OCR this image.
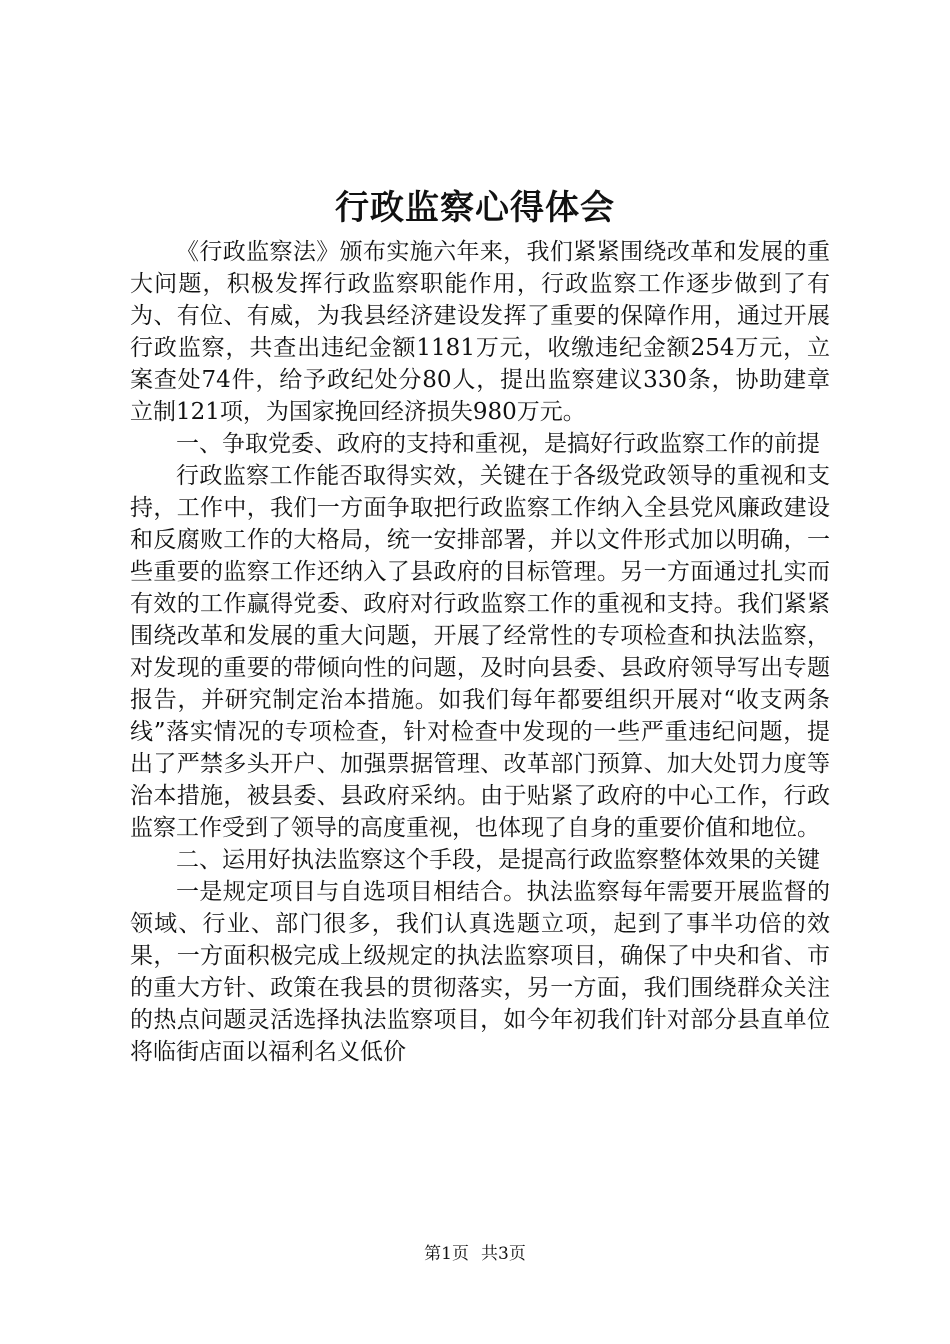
行政监察心得体会

《行政监察法》颁布实施六年来，我们紧紧围绕改革和发展的重大问题，积极发挥行政监察职能作用，行政监察工作逐步做到了有为、有位、有威，为我县经济建设发挥了重要的保障作用，通过开展行政监察，共查出违纪金额1181万元，收缴违纪金额254万元，立案查处74件，给予政纪处分80人，提出监察建议330条，协助建章立制121项，为国家挽回经济损失980万元。

一、争取党委、政府的支持和重视，是搞好行政监察工作的前提

行政监察工作能否取得实效，关键在于各级党政领导的重视和支持，工作中，我们一方面争取把行政监察工作纳入全县党风廉政建设和反腐败工作的大格局，统一安排部署，并以文件形式加以明确，一些重要的监察工作还纳入了县政府的目标管理。另一方面通过扎实而有效的工作赢得党委、政府对行政监察工作的重视和支持。我们紧紧围绕改革和发展的重大问题，开展了经常性的专项检查和执法监察，对发现的重要的带倾向性的问题，及时向县委、县政府领导写出专题报告，并研究制定治本措施。如我们每年都要组织开展对“收支两条线”落实情况的专项检查，针对检查中发现的一些严重违纪问题，提出了严禁多头开户、加强票据管理、改革部门预算、加大处罚力度等治本措施，被县委、县政府采纳。由于贴紧了政府的中心工作，行政监察工作受到了领导的高度重视，也体现了自身的重要价值和地位。

二、运用好执法监察这个手段，是提高行政监察整体效果的关键

一是规定项目与自选项目相结合。执法监察每年需要开展监督的领域、行业、部门很多，我们认真选题立项，起到了事半功倍的效果，一方面积极完成上级规定的执法监察项目，确保了中央和省、市的重大方针、政策在我县的贯彻落实，另一方面，我们围绕群众关注的热点问题灵活选择执法监察项目，如今年初我们针对部分县直单位将临街店面以福利名义低价

第1页 共3页
